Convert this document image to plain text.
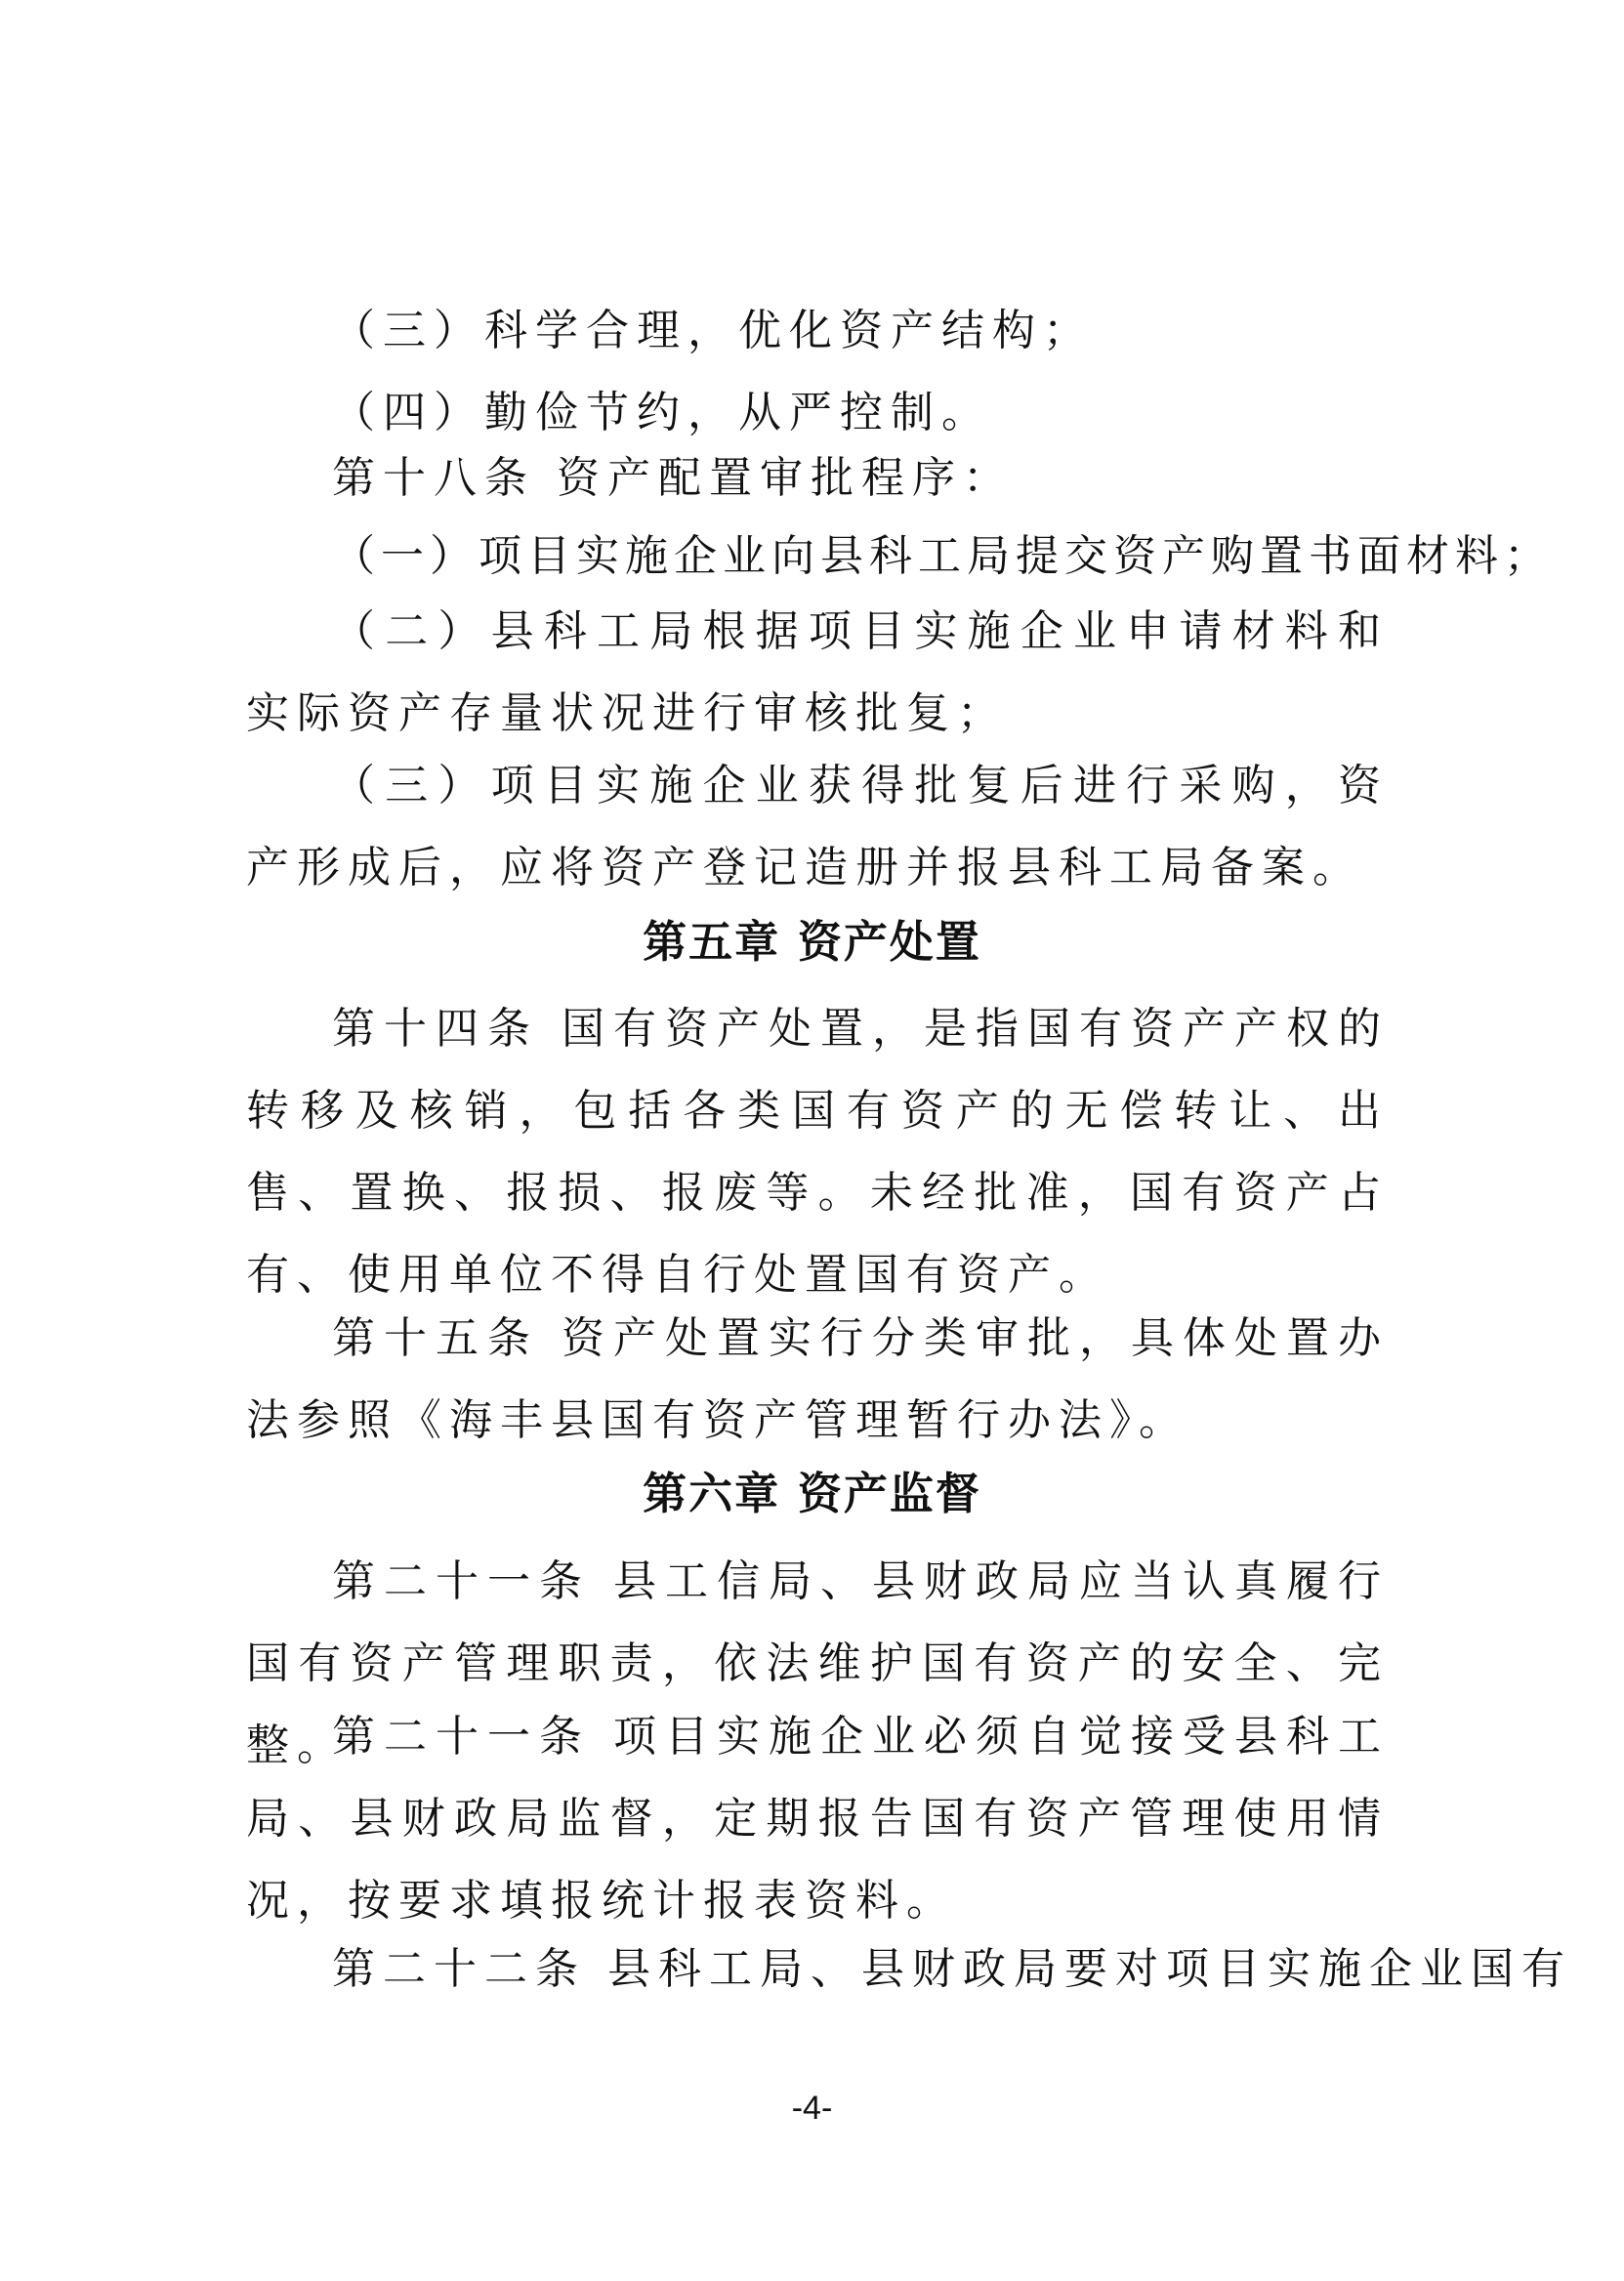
（三）科学合理，优化资产结构；

（四）勤俭节约，从严控制。

第十八条 资产配置审批程序：

（一）项目实施企业向县科工局提交资产购置书面材料；

（二）县科工局根据项目实施企业申请材料和实际资产存量状况进行审核批复；

（三）项目实施企业获得批复后进行采购，资产形成后，应将资产登记造册并报县科工局备案。

第五章 资产处置

第十四条 国有资产处置，是指国有资产产权的转移及核销，包括各类国有资产的无偿转让、出售、置换、报损、报废等。未经批准，国有资产占有、使用单位不得自行处置国有资产。

第十五条 资产处置实行分类审批，具体处置办法参照《海丰县国有资产管理暂行办法》。

第六章 资产监督

第二十一条 县工信局、县财政局应当认真履行国有资产管理职责，依法维护国有资产的安全、完整。

第二十一条 项目实施企业必须自觉接受县科工局、县财政局监督，定期报告国有资产管理使用情况，按要求填报统计报表资料。

第二十二条 县科工局、县财政局要对项目实施企业国有

-4-
